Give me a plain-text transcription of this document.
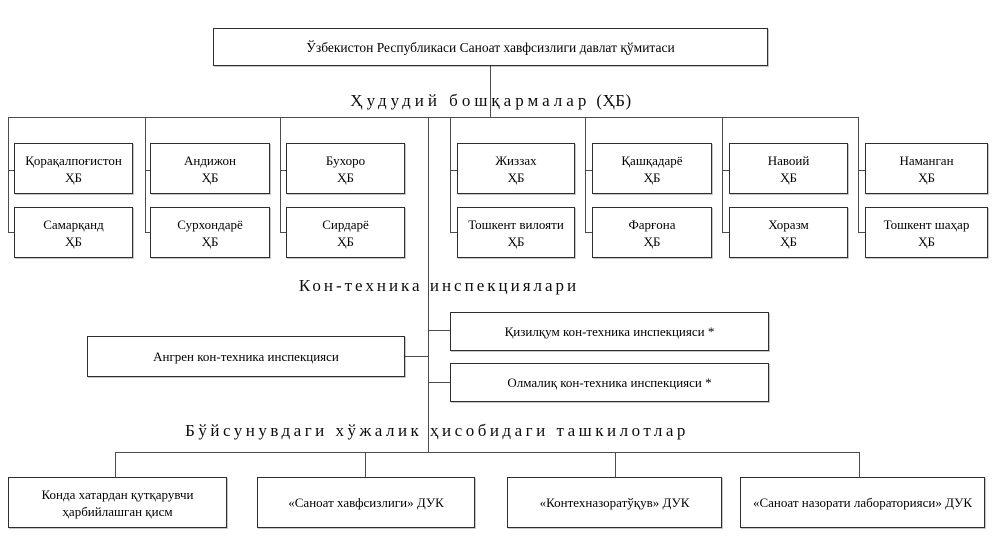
Ўзбекистон Республикаси Саноат хавфсизлиги давлат қўмитаси
Ҳудудий бошқармалар (ҲБ)
Қорақалпоғистон
ҲБ
Андижон
ҲБ
Бухоро
ҲБ
Жиззах
ҲБ
Қашқадарё
ҲБ
Навоий
ҲБ
Наманган
ҲБ
Самарқанд
ҲБ
Сурхондарё
ҲБ
Сирдарё
ҲБ
Тошкент вилояти
ҲБ
Фарғона
ҲБ
Хоразм
ҲБ
Тошкент шаҳар
ҲБ
Кон-техника инспекциялари
Ангрен кон-техника инспекцияси
Қизилқум кон-техника инспекцияси *
Олмалиқ кон-техника инспекцияси *
Бўйсунувдаги хўжалик ҳисобидаги ташкилотлар
Конда хатардан қутқарувчи
ҳарбийлашган қисм
«Саноат хавфсизлиги» ДУК	«Контехназоратўқув» ДУК	«Саноат назорати лабораторияси» ДУК
